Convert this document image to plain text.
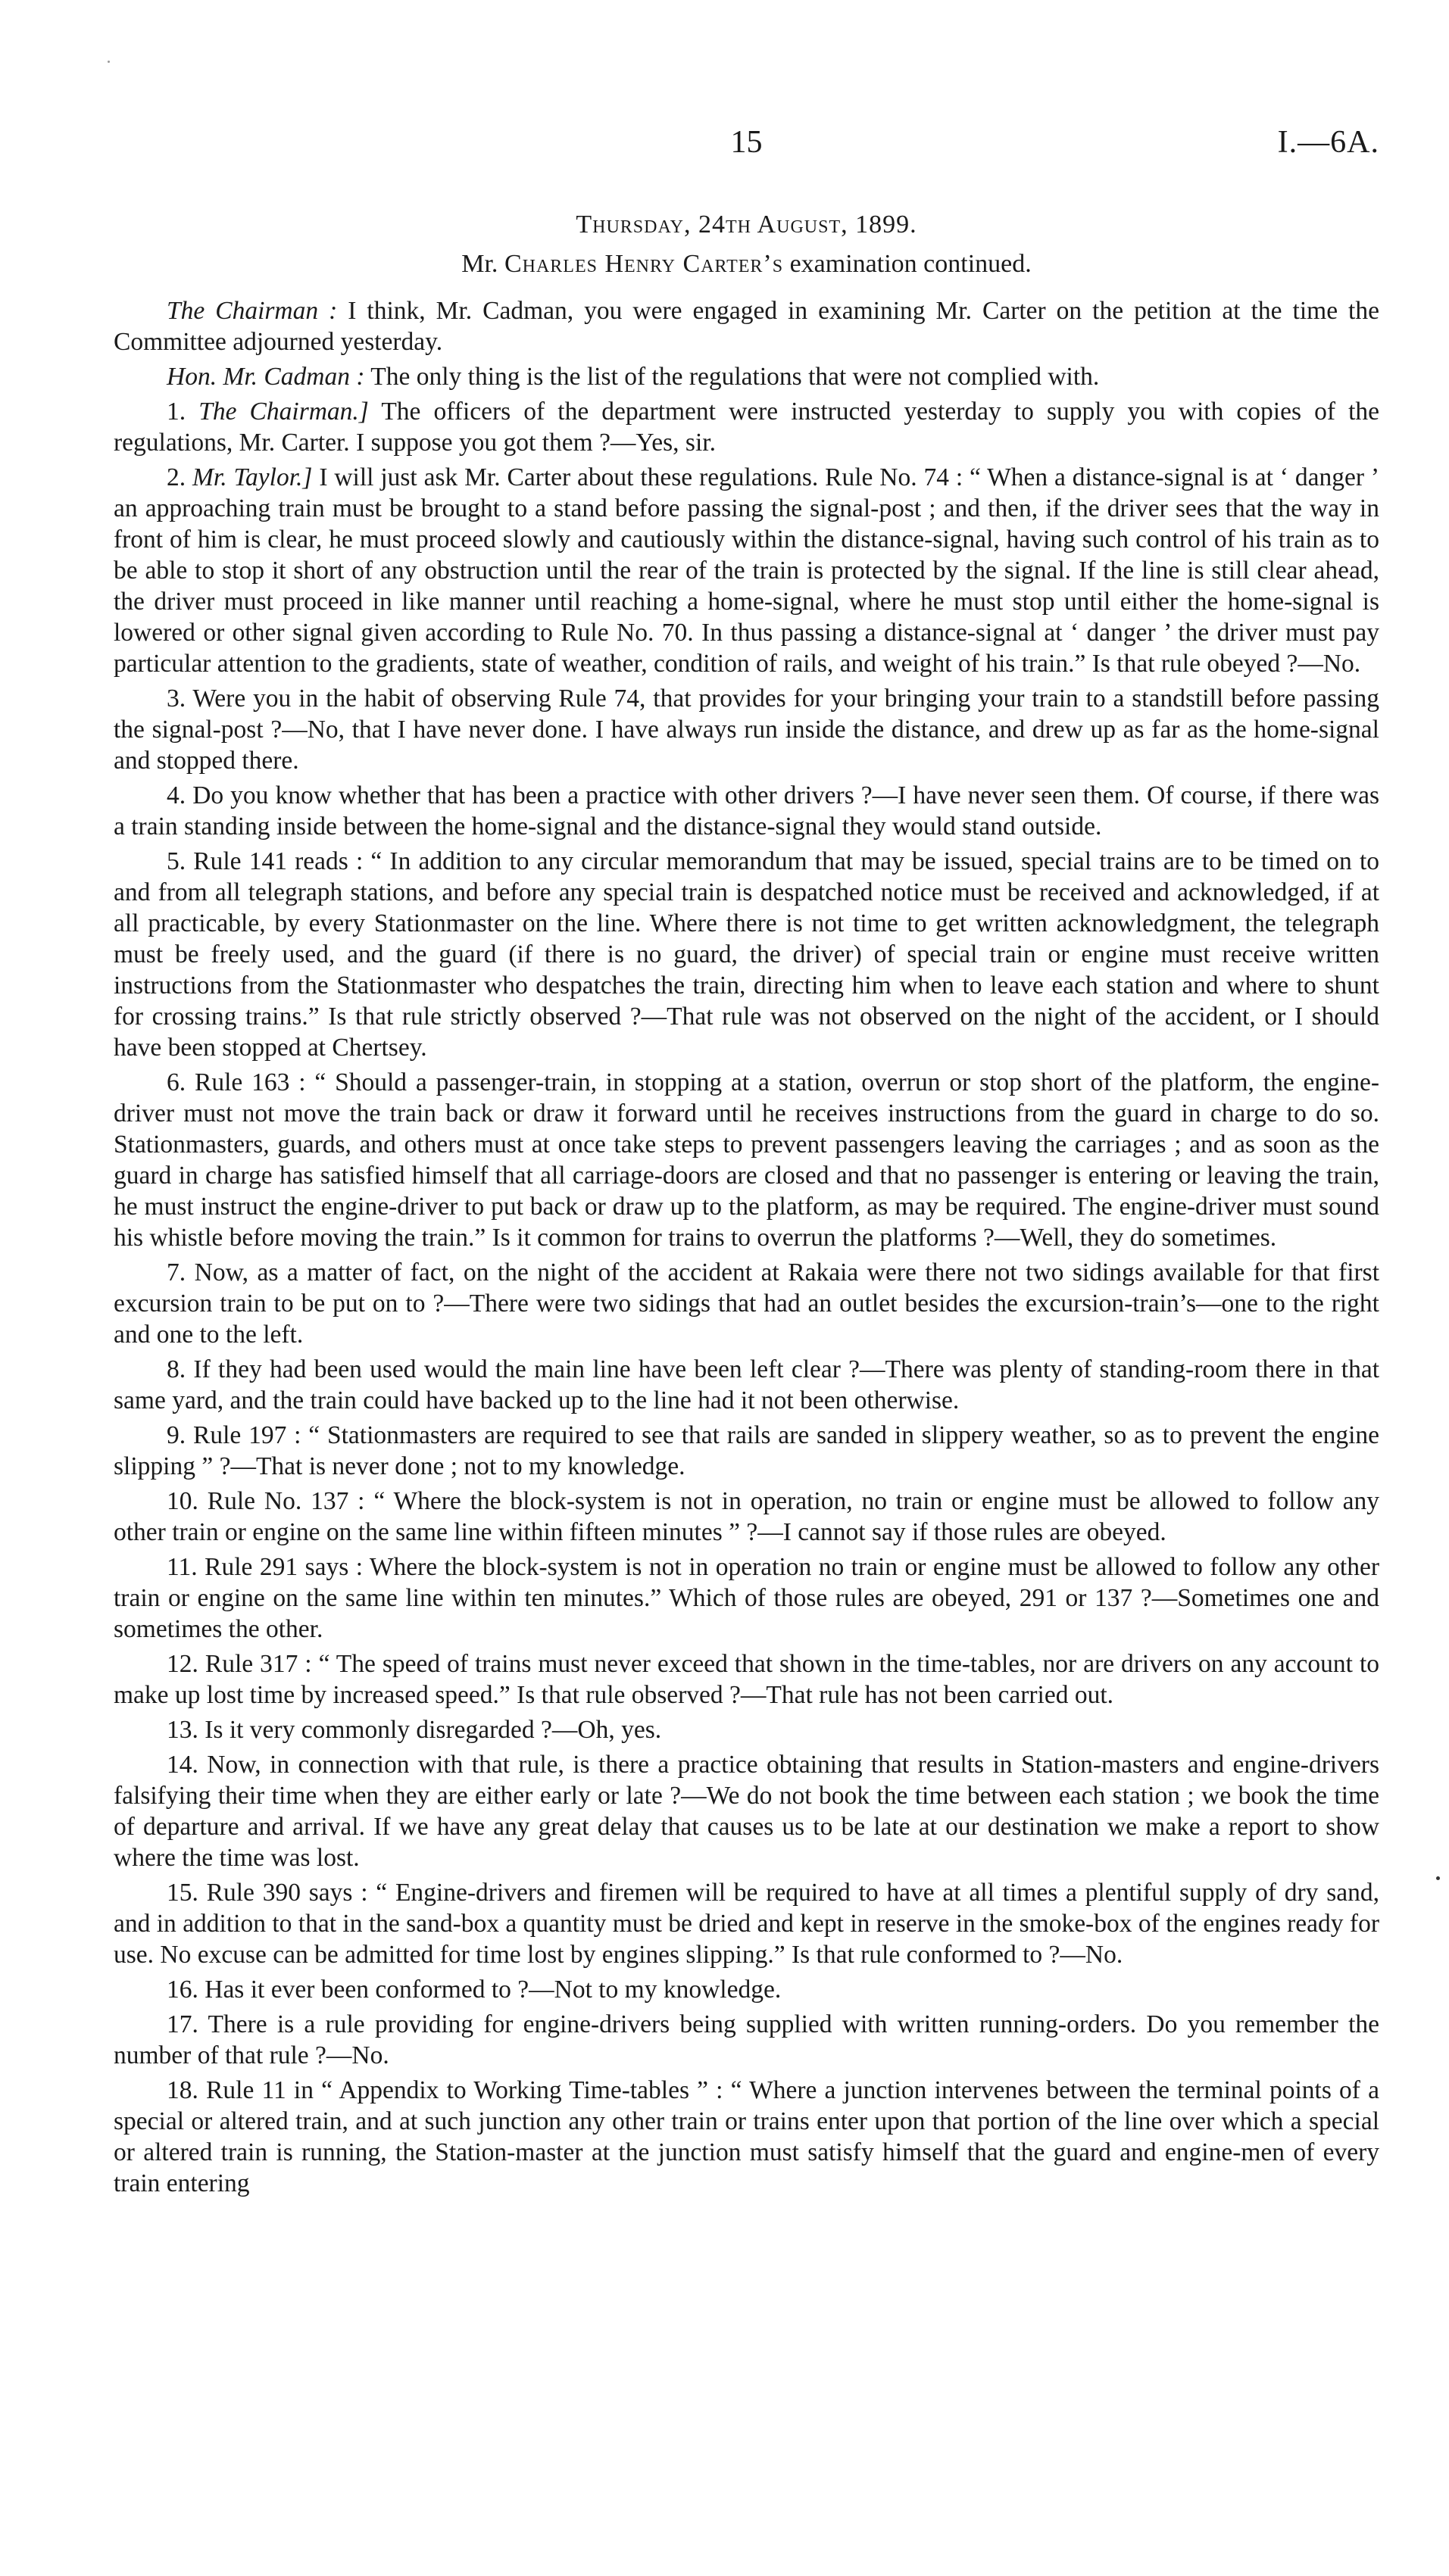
15	I.—6A.
Thursday, 24th August, 1899.
Mr. Charles Henry Carter’s examination continued.

The Chairman : I think, Mr. Cadman, you were engaged in examining Mr. Carter on the petition at the time the Committee adjourned yesterday.

Hon. Mr. Cadman : The only thing is the list of the regulations that were not complied with.

1. The Chairman.] The officers of the department were instructed yesterday to supply you with copies of the regulations, Mr. Carter. I suppose you got them ?—Yes, sir.

2. Mr. Taylor.] I will just ask Mr. Carter about these regulations. Rule No. 74 : “ When a distance-signal is at ‘ danger ’ an approaching train must be brought to a stand before passing the signal-post ; and then, if the driver sees that the way in front of him is clear, he must proceed slowly and cautiously within the distance-signal, having such control of his train as to be able to stop it short of any obstruction until the rear of the train is protected by the signal. If the line is still clear ahead, the driver must proceed in like manner until reaching a home-signal, where he must stop until either the home-signal is lowered or other signal given according to Rule No. 70. In thus passing a distance-signal at ‘ danger ’ the driver must pay particular attention to the gradients, state of weather, condition of rails, and weight of his train.” Is that rule obeyed ?—No.

3. Were you in the habit of observing Rule 74, that provides for your bringing your train to a standstill before passing the signal-post ?—No, that I have never done. I have always run inside the distance, and drew up as far as the home-signal and stopped there.

4. Do you know whether that has been a practice with other drivers ?—I have never seen them. Of course, if there was a train standing inside between the home-signal and the distance-signal they would stand outside.

5. Rule 141 reads : “ In addition to any circular memorandum that may be issued, special trains are to be timed on to and from all telegraph stations, and before any special train is despatched notice must be received and acknowledged, if at all practicable, by every Stationmaster on the line. Where there is not time to get written acknowledgment, the telegraph must be freely used, and the guard (if there is no guard, the driver) of special train or engine must receive written instructions from the Stationmaster who despatches the train, directing him when to leave each station and where to shunt for crossing trains.” Is that rule strictly observed ?—That rule was not observed on the night of the accident, or I should have been stopped at Chertsey.

6. Rule 163 : “ Should a passenger-train, in stopping at a station, overrun or stop short of the platform, the engine-driver must not move the train back or draw it forward until he receives instructions from the guard in charge to do so. Stationmasters, guards, and others must at once take steps to prevent passengers leaving the carriages ; and as soon as the guard in charge has satisfied himself that all carriage-doors are closed and that no passenger is entering or leaving the train, he must instruct the engine-driver to put back or draw up to the platform, as may be required. The engine-driver must sound his whistle before moving the train.” Is it common for trains to overrun the platforms ?—Well, they do sometimes.

7. Now, as a matter of fact, on the night of the accident at Rakaia were there not two sidings available for that first excursion train to be put on to ?—There were two sidings that had an outlet besides the excursion-train’s—one to the right and one to the left.

8. If they had been used would the main line have been left clear ?—There was plenty of standing-room there in that same yard, and the train could have backed up to the line had it not been otherwise.

9. Rule 197 : “ Stationmasters are required to see that rails are sanded in slippery weather, so as to prevent the engine slipping ” ?—That is never done ; not to my knowledge.

10. Rule No. 137 : “ Where the block-system is not in operation, no train or engine must be allowed to follow any other train or engine on the same line within fifteen minutes ” ?—I cannot say if those rules are obeyed.

11. Rule 291 says : Where the block-system is not in operation no train or engine must be allowed to follow any other train or engine on the same line within ten minutes.” Which of those rules are obeyed, 291 or 137 ?—Sometimes one and sometimes the other.

12. Rule 317 : “ The speed of trains must never exceed that shown in the time-tables, nor are drivers on any account to make up lost time by increased speed.” Is that rule observed ?—That rule has not been carried out.

13. Is it very commonly disregarded ?—Oh, yes.

14. Now, in connection with that rule, is there a practice obtaining that results in Station-masters and engine-drivers falsifying their time when they are either early or late ?—We do not book the time between each station ; we book the time of departure and arrival. If we have any great delay that causes us to be late at our destination we make a report to show where the time was lost.

15. Rule 390 says : “ Engine-drivers and firemen will be required to have at all times a plentiful supply of dry sand, and in addition to that in the sand-box a quantity must be dried and kept in reserve in the smoke-box of the engines ready for use. No excuse can be admitted for time lost by engines slipping.” Is that rule conformed to ?—No.

16. Has it ever been conformed to ?—Not to my knowledge.

17. There is a rule providing for engine-drivers being supplied with written running-orders. Do you remember the number of that rule ?—No.

18. Rule 11 in “ Appendix to Working Time-tables ” : “ Where a junction intervenes between the terminal points of a special or altered train, and at such junction any other train or trains enter upon that portion of the line over which a special or altered train is running, the Station-master at the junction must satisfy himself that the guard and engine-men of every train entering
